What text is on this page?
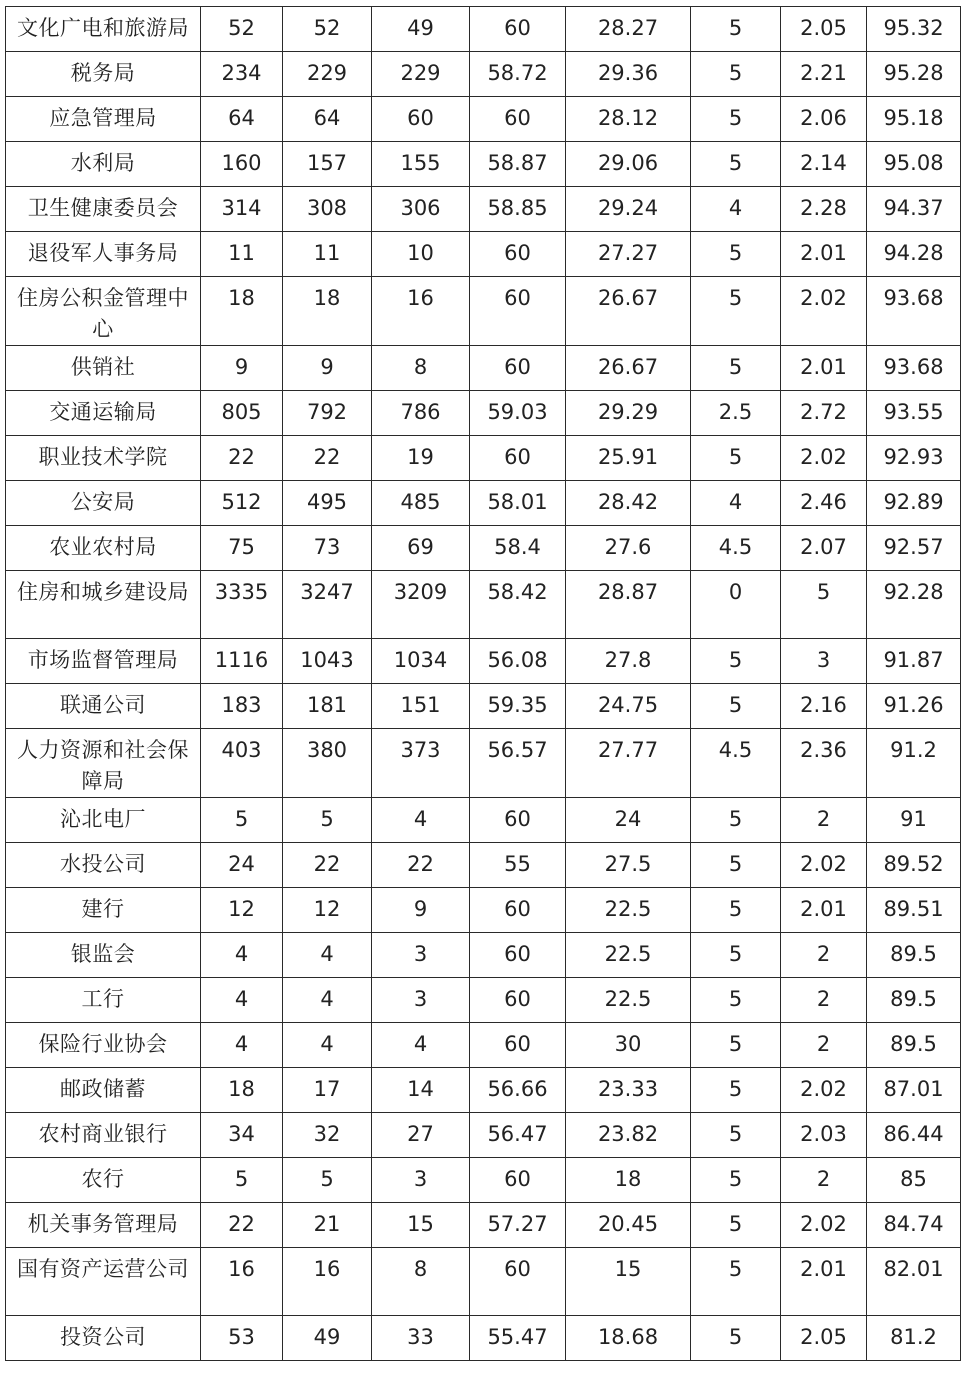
文化广电和旅游局	52	52	49	60	28.27	5	2.05	95.32
税务局	234	229	229	58.72	29.36	5	2.21	95.28
应急管理局	64	64	60	60	28.12	5	2.06	95.18
水利局	160	157	155	58.87	29.06	5	2.14	95.08
卫生健康委员会	314	308	306	58.85	29.24	4	2.28	94.37
退役军人事务局	11	11	10	60	27.27	5	2.01	94.28
住房公积金管理中心	18	18	16	60	26.67	5	2.02	93.68
供销社	9	9	8	60	26.67	5	2.01	93.68
交通运输局	805	792	786	59.03	29.29	2.5	2.72	93.55
职业技术学院	22	22	19	60	25.91	5	2.02	92.93
公安局	512	495	485	58.01	28.42	4	2.46	92.89
农业农村局	75	73	69	58.4	27.6	4.5	2.07	92.57
住房和城乡建设局	3335	3247	3209	58.42	28.87	0	5	92.28
市场监督管理局	1116	1043	1034	56.08	27.8	5	3	91.87
联通公司	183	181	151	59.35	24.75	5	2.16	91.26
人力资源和社会保障局	403	380	373	56.57	27.77	4.5	2.36	91.2
沁北电厂	5	5	4	60	24	5	2	91
水投公司	24	22	22	55	27.5	5	2.02	89.52
建行	12	12	9	60	22.5	5	2.01	89.51
银监会	4	4	3	60	22.5	5	2	89.5
工行	4	4	3	60	22.5	5	2	89.5
保险行业协会	4	4	4	60	30	5	2	89.5
邮政储蓄	18	17	14	56.66	23.33	5	2.02	87.01
农村商业银行	34	32	27	56.47	23.82	5	2.03	86.44
农行	5	5	3	60	18	5	2	85
机关事务管理局	22	21	15	57.27	20.45	5	2.02	84.74
国有资产运营公司	16	16	8	60	15	5	2.01	82.01
投资公司	53	49	33	55.47	18.68	5	2.05	81.2
